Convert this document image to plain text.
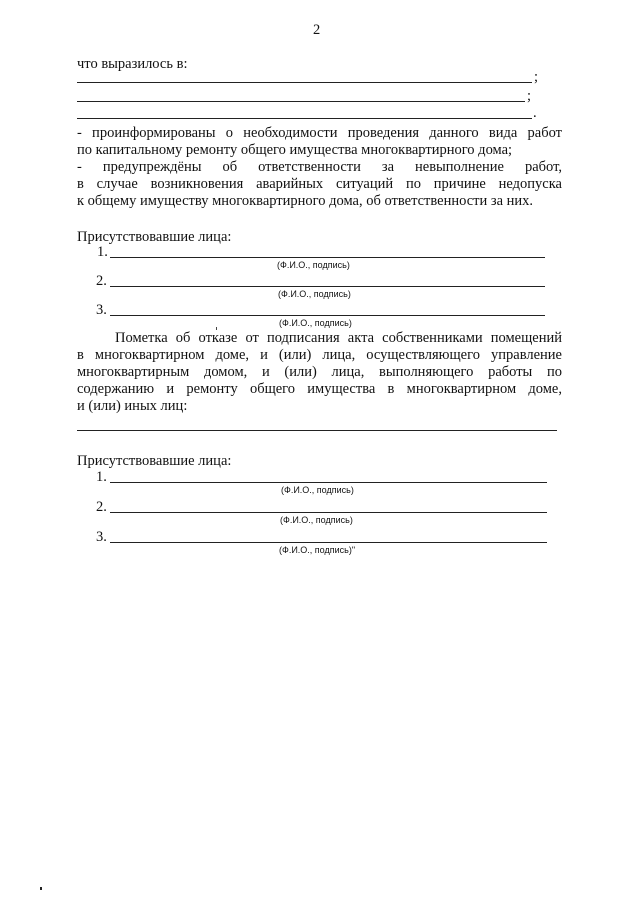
2
что выразилось в:
;
;
.
- проинформированы о необходимости проведения данного вида работ
по капитальному ремонту общего имущества многоквартирного дома;
- предупреждёны об ответственности за невыполнение работ,
в случае возникновения аварийных ситуаций по причине недопуска
к общему имуществу многоквартирного дома, об ответственности за них.
Присутствовавшие лица:
1.
(Ф.И.О., подпись)
2.
(Ф.И.О., подпись)
3.
(Ф.И.О., подпись)
Пометка об отказе от подписания акта собственниками помещений
в многоквартирном доме, и (или) лица, осуществляющего управление
многоквартирным домом, и (или) лица, выполняющего работы по
содержанию и ремонту общего имущества в многоквартирном доме,
и (или) иных лиц:
Присутствовавшие лица:
1.
(Ф.И.О., подпись)
2.
(Ф.И.О., подпись)
3.
(Ф.И.О., подпись)"
